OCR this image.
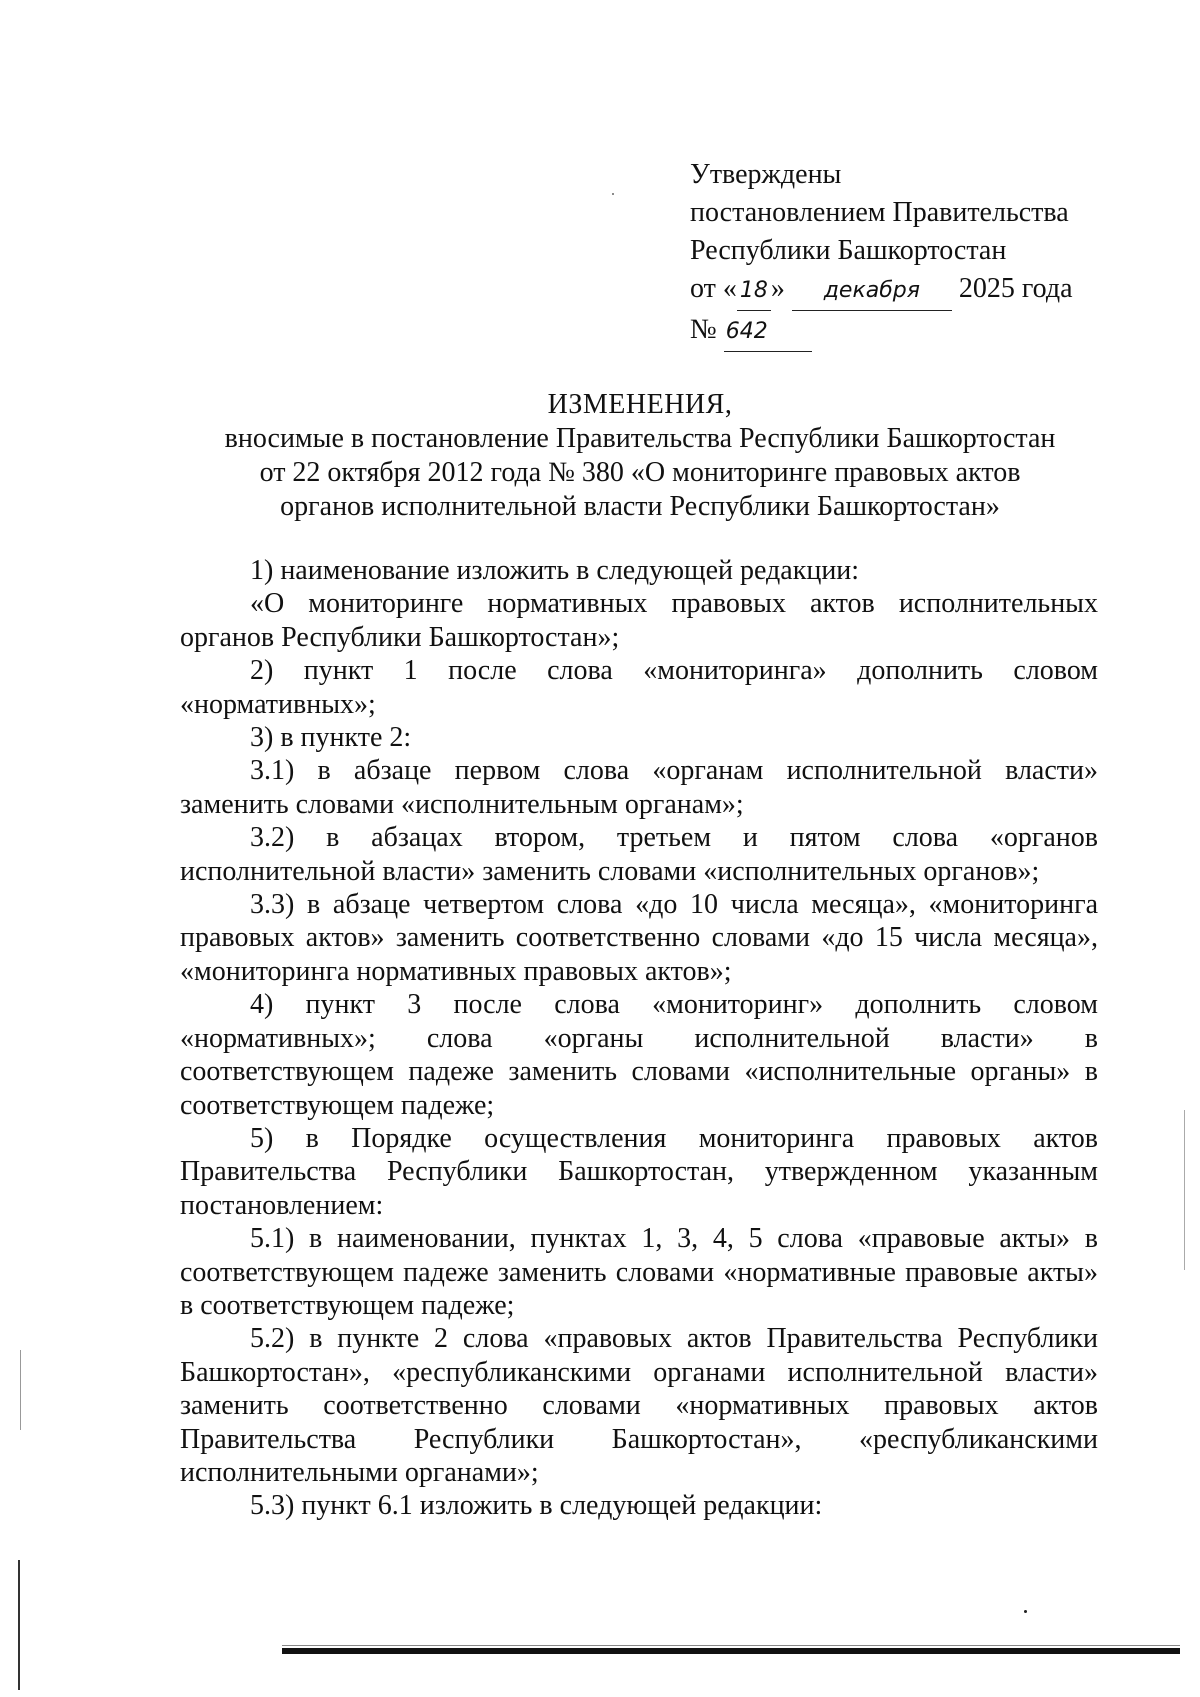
Утверждены
постановлением Правительства
Республики Башкортостан
от « 18 » декабря 2025 года
№ 642
ИЗМЕНЕНИЯ,
вносимые в постановление Правительства Республики Башкортостан
от 22 октября 2012 года № 380 «О мониторинге правовых актов
органов исполнительной власти Республики Башкортостан»

1) наименование изложить в следующей редакции:

«О мониторинге нормативных правовых актов исполнительных органов Республики Башкортостан»;

2) пункт 1 после слова «мониторинга» дополнить словом «нормативных»;

3) в пункте 2:

3.1) в абзаце первом слова «органам исполнительной власти» заменить словами «исполнительным органам»;

3.2) в абзацах втором, третьем и пятом слова «органов исполнительной власти» заменить словами «исполнительных органов»;

3.3) в абзаце четвертом слова «до 10 числа месяца», «мониторинга правовых актов» заменить соответственно словами «до 15 числа месяца», «мониторинга нормативных правовых актов»;

4) пункт 3 после слова «мониторинг» дополнить словом «нормативных»; слова «органы исполнительной власти» в соответствующем падеже заменить словами «исполнительные органы» в соответствующем падеже;

5) в Порядке осуществления мониторинга правовых актов Правительства Республики Башкортостан, утвержденном указанным постановлением:

5.1) в наименовании, пунктах 1, 3, 4, 5 слова «правовые акты» в соответствующем падеже заменить словами «нормативные правовые акты» в соответствующем падеже;

5.2) в пункте 2 слова «правовых актов Правительства Республики Башкортостан», «республиканскими органами исполнительной власти» заменить соответственно словами «нормативных правовых актов Правительства Республики Башкортостан», «республиканскими исполнительными органами»;

5.3) пункт 6.1 изложить в следующей редакции:
